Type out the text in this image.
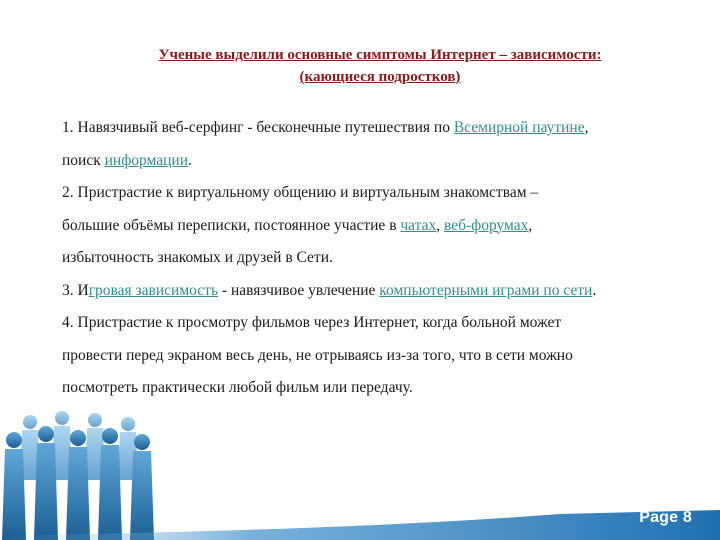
Ученые выделили основные симптомы Интернет – зависимости:
(кающиеся подростков)

1. Навязчивый веб-серфинг - бесконечные путешествия по Всемирной паутине,

поиск информации.

2. Пристрастие к виртуальному общению и виртуальным знакомствам –

большие объёмы переписки, постоянное участие в чатах, веб-форумах,

избыточность знакомых и друзей в Сети.

3. Игровая зависимость - навязчивое увлечение компьютерными играми по сети.

4. Пристрастие к просмотру фильмов через Интернет, когда больной может

провести перед экраном весь день, не отрываясь из-за того, что в сети можно

посмотреть практически любой фильм или передачу.

Page 8
